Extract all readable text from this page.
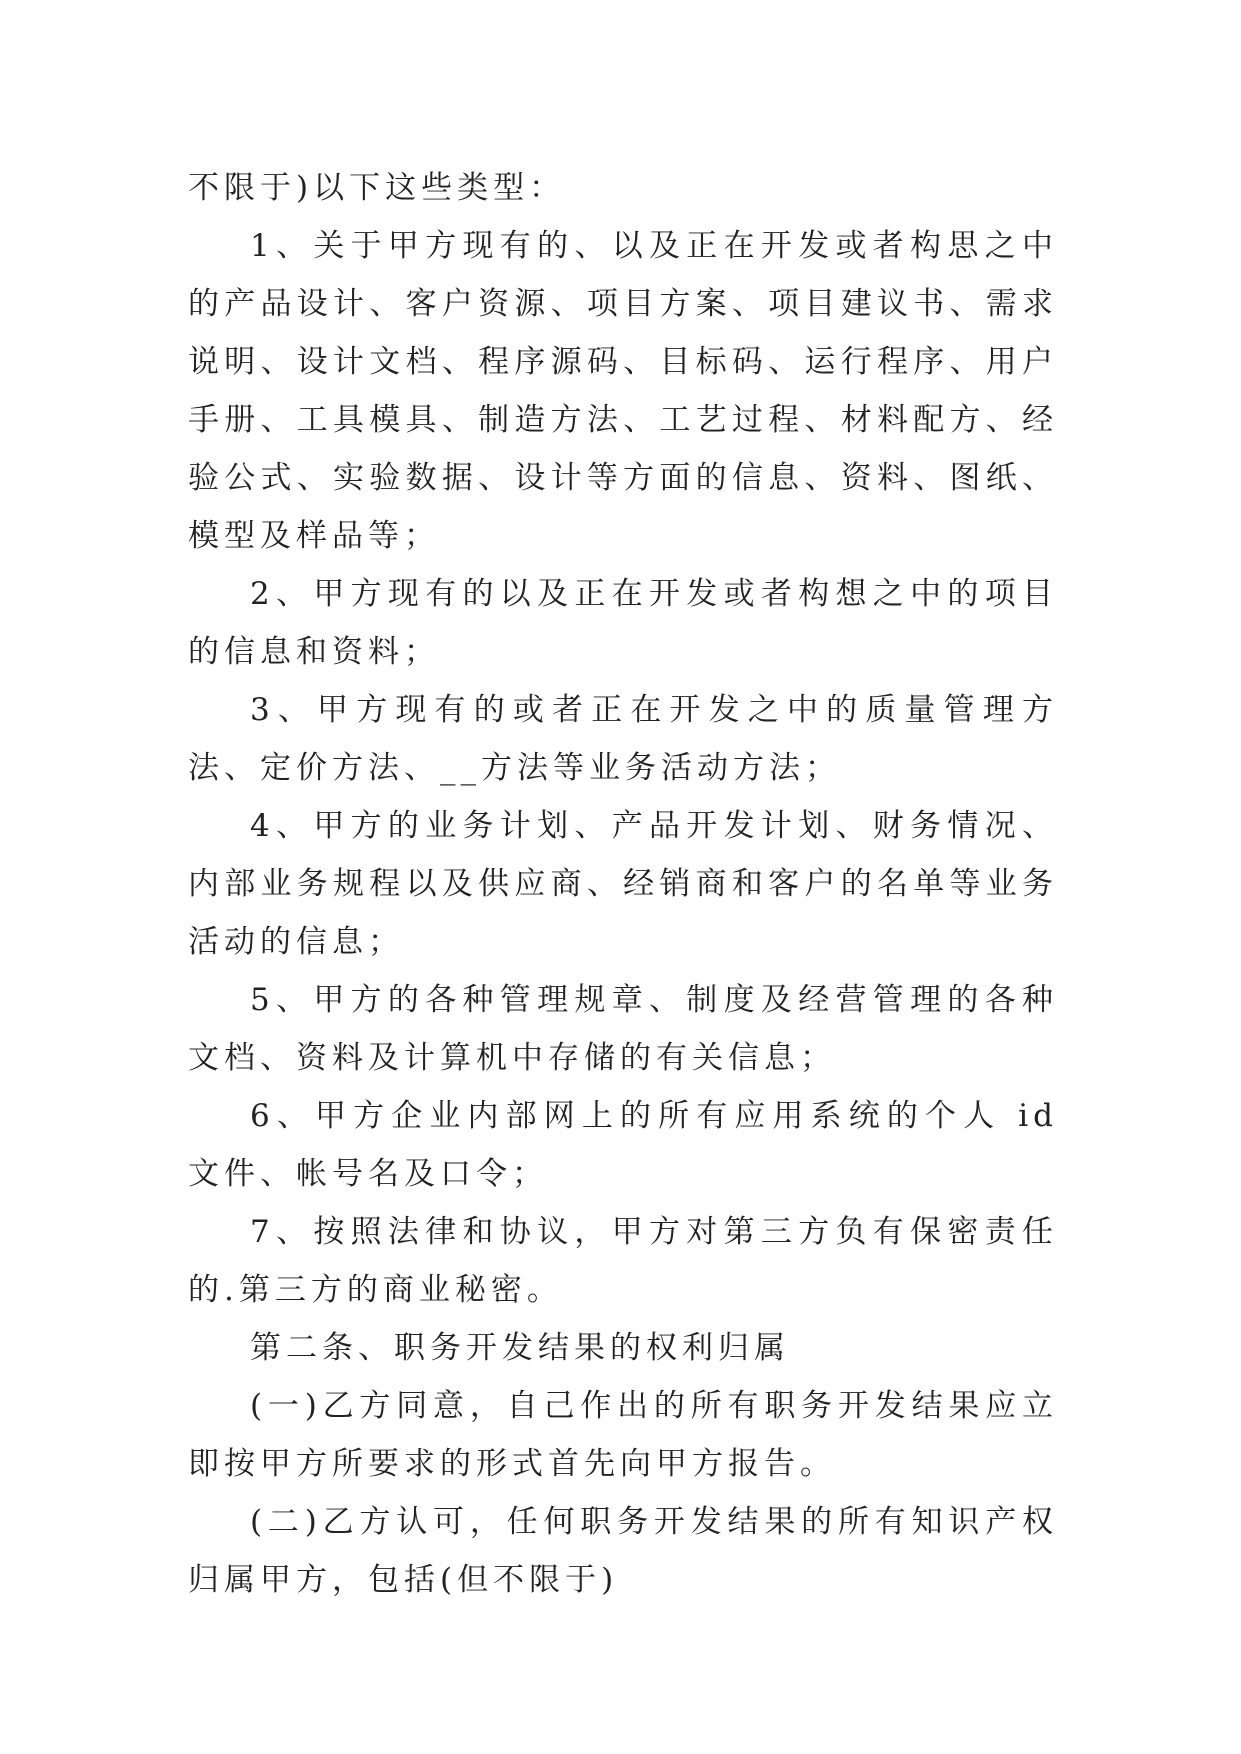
不限于)以下这些类型：

1、关于甲方现有的、以及正在开发或者构思之中的产品设计、客户资源、项目方案、项目建议书、需求说明、设计文档、程序源码、目标码、运行程序、用户手册、工具模具、制造方法、工艺过程、材料配方、经验公式、实验数据、设计等方面的信息、资料、图纸、模型及样品等；

2、甲方现有的以及正在开发或者构想之中的项目的信息和资料；

3、甲方现有的或者正在开发之中的质量管理方法、定价方法、__方法等业务活动方法；

4、甲方的业务计划、产品开发计划、财务情况、内部业务规程以及供应商、经销商和客户的名单等业务活动的信息；

5、甲方的各种管理规章、制度及经营管理的各种文档、资料及计算机中存储的有关信息；

6、甲方企业内部网上的所有应用系统的个人 id 文件、帐号名及口令；

7、按照法律和协议，甲方对第三方负有保密责任的.第三方的商业秘密。

第二条、职务开发结果的权利归属

(一)乙方同意，自己作出的所有职务开发结果应立即按甲方所要求的形式首先向甲方报告。

(二)乙方认可，任何职务开发结果的所有知识产权归属甲方，包括(但不限于)
